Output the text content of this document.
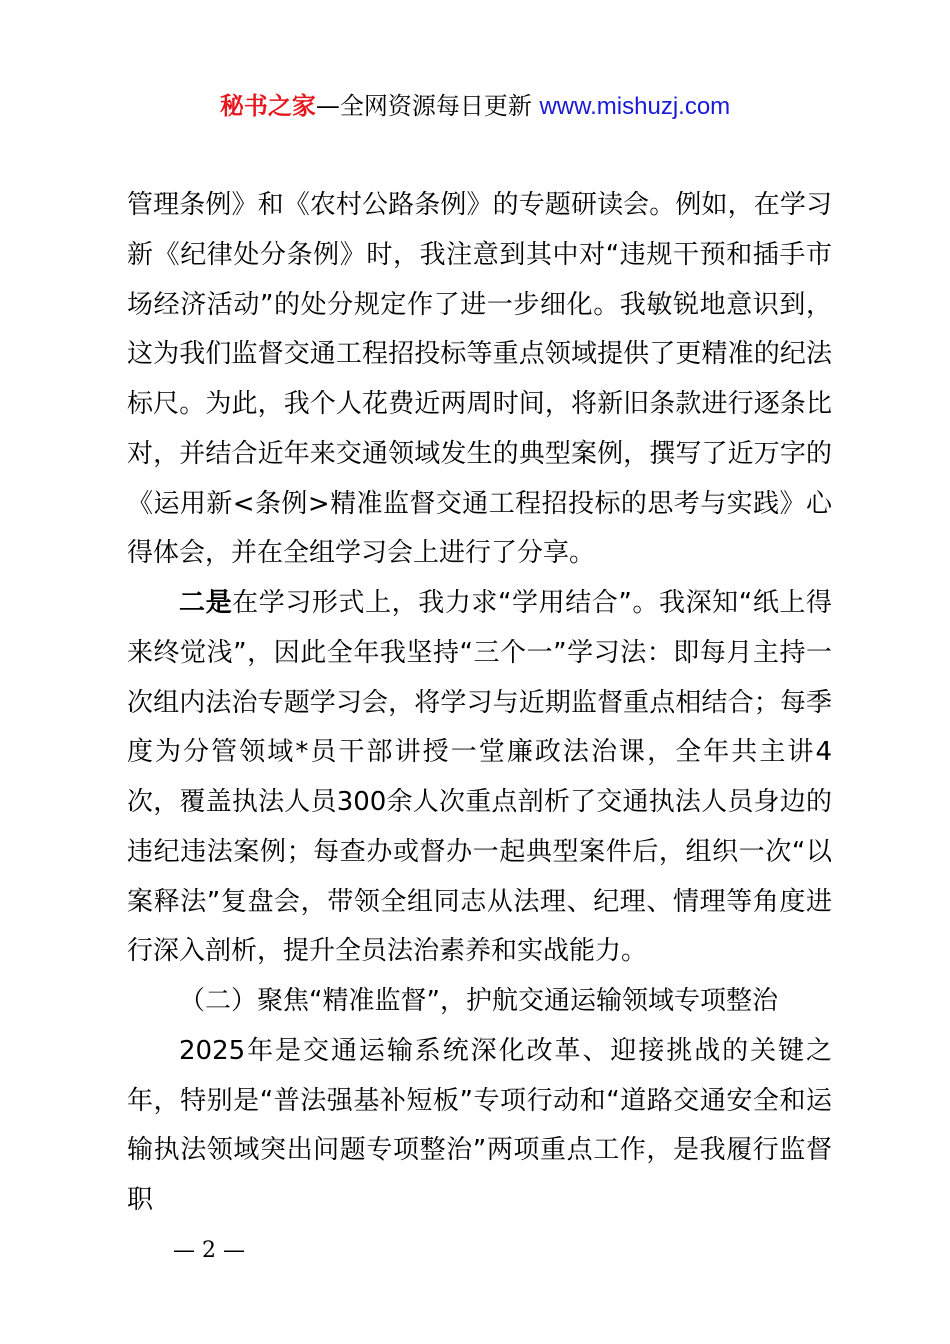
秘书之家—全网资源每日更新 www.mishuzj.com

管理条例》和《农村公路条例》的专题研读会。例如，在学习新《纪律处分条例》时，我注意到其中对“违规干预和插手市场经济活动”的处分规定作了进一步细化。我敏锐地意识到，这为我们监督交通工程招投标等重点领域提供了更精准的纪法标尺。为此，我个人花费近两周时间，将新旧条款进行逐条比对，并结合近年来交通领域发生的典型案例，撰写了近万字的《运用新<条例>精准监督交通工程招投标的思考与实践》心得体会，并在全组学习会上进行了分享。

二是在学习形式上，我力求“学用结合”。我深知“纸上得来终觉浅”，因此全年我坚持“三个一”学习法：即每月主持一次组内法治专题学习会，将学习与近期监督重点相结合；每季度为分管领域*员干部讲授一堂廉政法治课，全年共主讲4次，覆盖执法人员300余人次重点剖析了交通执法人员身边的违纪违法案例；每查办或督办一起典型案件后，组织一次“以案释法”复盘会，带领全组同志从法理、纪理、情理等角度进行深入剖析，提升全员法治素养和实战能力。

（二）聚焦“精准监督”，护航交通运输领域专项整治

2025年是交通运输系统深化改革、迎接挑战的关键之年，特别是“普法强基补短板”专项行动和“道路交通安全和运输执法领域突出问题专项整治”两项重点工作，是我履行监督职

— 2 —
